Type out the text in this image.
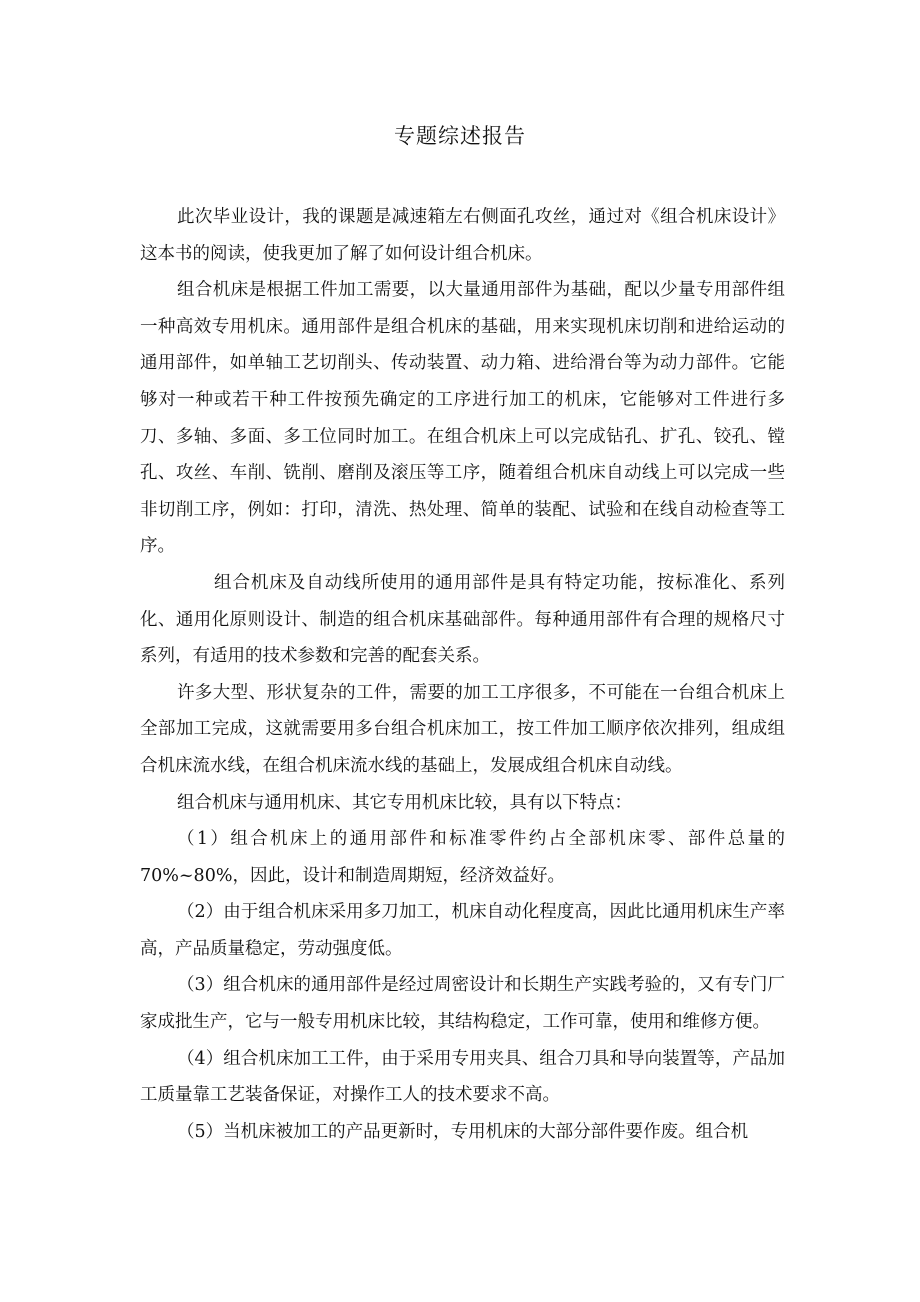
专题综述报告

此次毕业设计，我的课题是减速箱左右侧面孔攻丝，通过对《组合机床设计》这本书的阅读，使我更加了解了如何设计组合机床。

组合机床是根据工件加工需要，以大量通用部件为基础，配以少量专用部件组一种高效专用机床。通用部件是组合机床的基础，用来实现机床切削和进给运动的通用部件，如单轴工艺切削头、传动装置、动力箱、进给滑台等为动力部件。它能够对一种或若干种工件按预先确定的工序进行加工的机床，它能够对工件进行多刀、多轴、多面、多工位同时加工。在组合机床上可以完成钻孔、扩孔、铰孔、镗孔、攻丝、车削、铣削、磨削及滚压等工序，随着组合机床自动线上可以完成一些非切削工序，例如：打印，清洗、热处理、简单的装配、试验和在线自动检查等工序。

组合机床及自动线所使用的通用部件是具有特定功能，按标准化、系列化、通用化原则设计、制造的组合机床基础部件。每种通用部件有合理的规格尺寸系列，有适用的技术参数和完善的配套关系。

许多大型、形状复杂的工件，需要的加工工序很多，不可能在一台组合机床上全部加工完成，这就需要用多台组合机床加工，按工件加工顺序依次排列，组成组合机床流水线，在组合机床流水线的基础上，发展成组合机床自动线。

组合机床与通用机床、其它专用机床比较，具有以下特点：

（1）组合机床上的通用部件和标准零件约占全部机床零、部件总量的70%~80%，因此，设计和制造周期短，经济效益好。

（2）由于组合机床采用多刀加工，机床自动化程度高，因此比通用机床生产率高，产品质量稳定，劳动强度低。

（3）组合机床的通用部件是经过周密设计和长期生产实践考验的，又有专门厂家成批生产，它与一般专用机床比较，其结构稳定，工作可靠，使用和维修方便。

（4）组合机床加工工件，由于采用专用夹具、组合刀具和导向装置等，产品加工质量靠工艺装备保证，对操作工人的技术要求不高。

（5）当机床被加工的产品更新时，专用机床的大部分部件要作废。组合机
